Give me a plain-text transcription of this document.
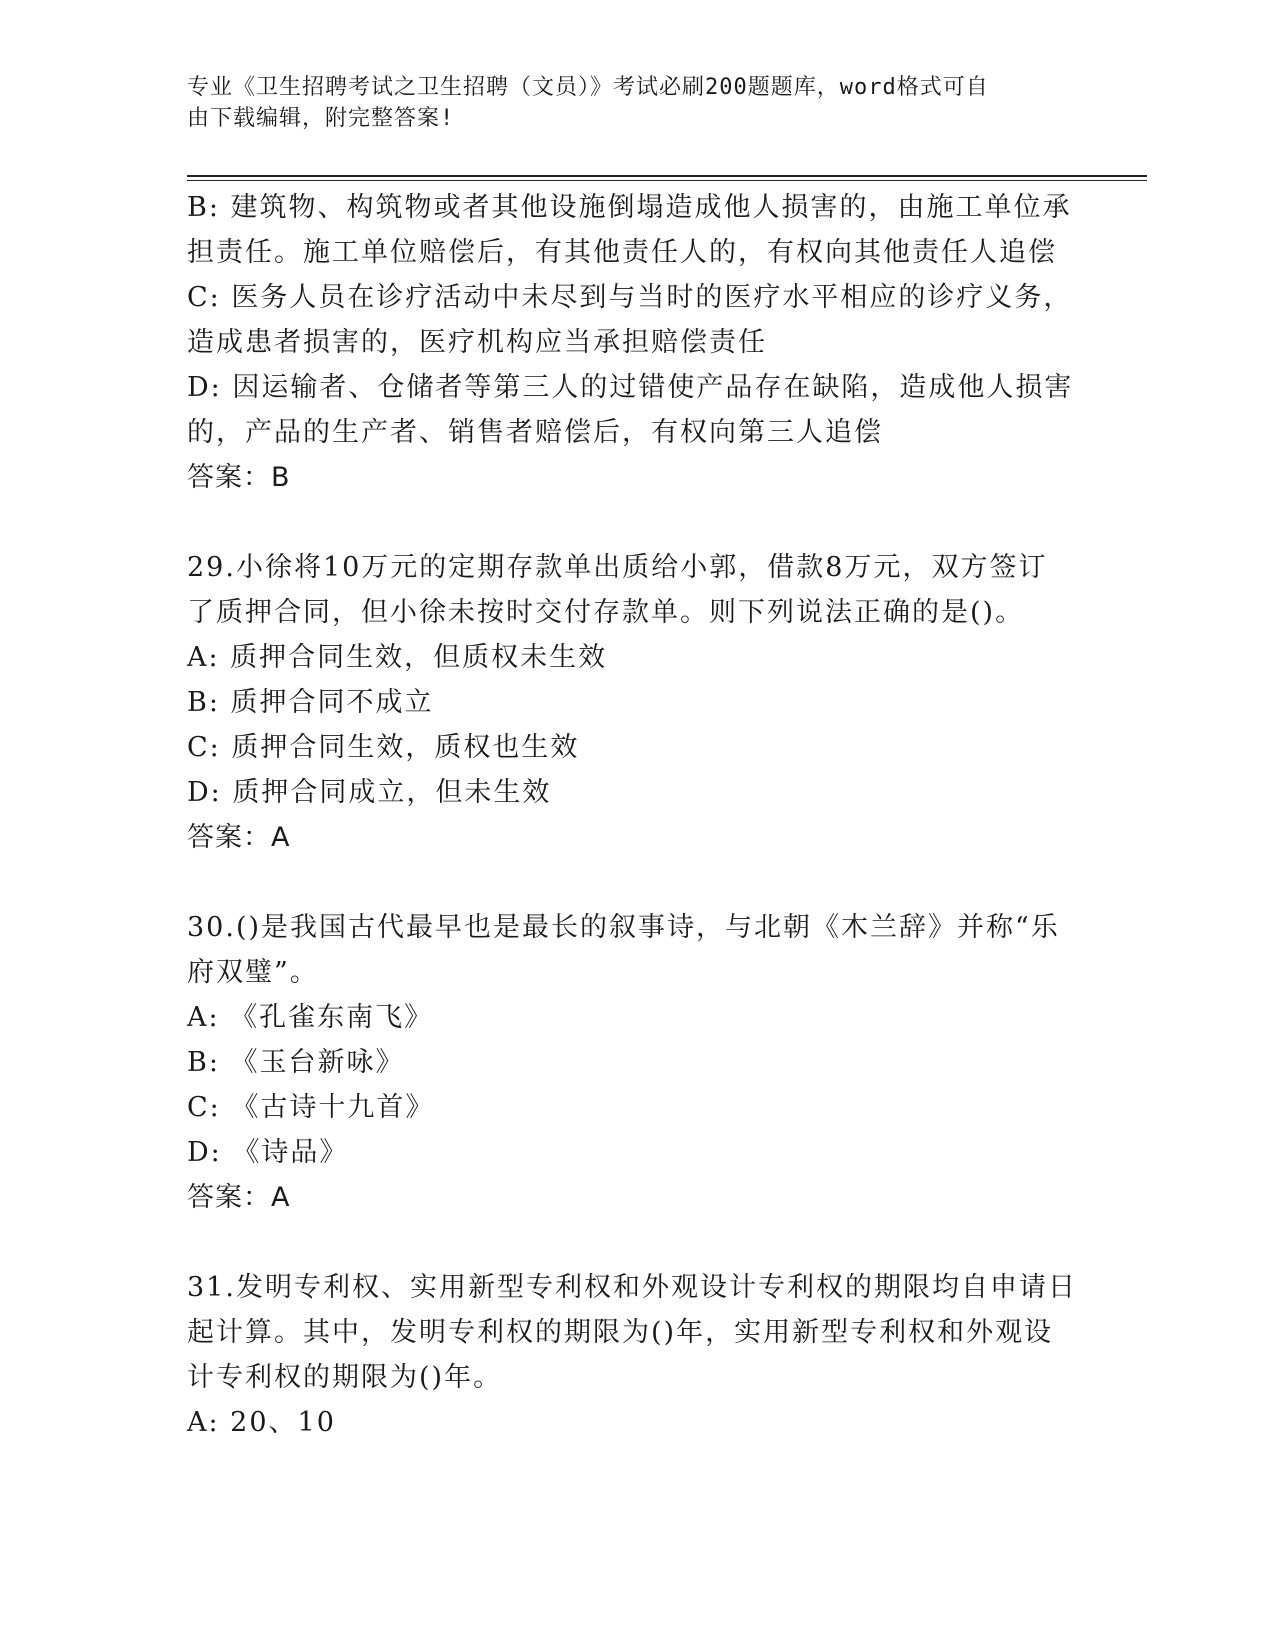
专业《卫生招聘考试之卫生招聘（文员）》考试必刷200题题库，word格式可自
由下载编辑，附完整答案!
B: 建筑物、构筑物或者其他设施倒塌造成他人损害的，由施工单位承
担责任。施工单位赔偿后，有其他责任人的，有权向其他责任人追偿
C: 医务人员在诊疗活动中未尽到与当时的医疗水平相应的诊疗义务，
造成患者损害的，医疗机构应当承担赔偿责任
D: 因运输者、仓储者等第三人的过错使产品存在缺陷，造成他人损害
的，产品的生产者、销售者赔偿后，有权向第三人追偿
答案：B
29.小徐将10万元的定期存款单出质给小郭，借款8万元，双方签订
了质押合同，但小徐未按时交付存款单。则下列说法正确的是()。
A: 质押合同生效，但质权未生效
B: 质押合同不成立
C: 质押合同生效，质权也生效
D: 质押合同成立，但未生效
答案：A
30.()是我国古代最早也是最长的叙事诗，与北朝《木兰辞》并称“乐
府双璧”。
A: 《孔雀东南飞》
B: 《玉台新咏》
C: 《古诗十九首》
D: 《诗品》
答案：A
31.发明专利权、实用新型专利权和外观设计专利权的期限均自申请日
起计算。其中，发明专利权的期限为()年，实用新型专利权和外观设
计专利权的期限为()年。
A: 20、10
